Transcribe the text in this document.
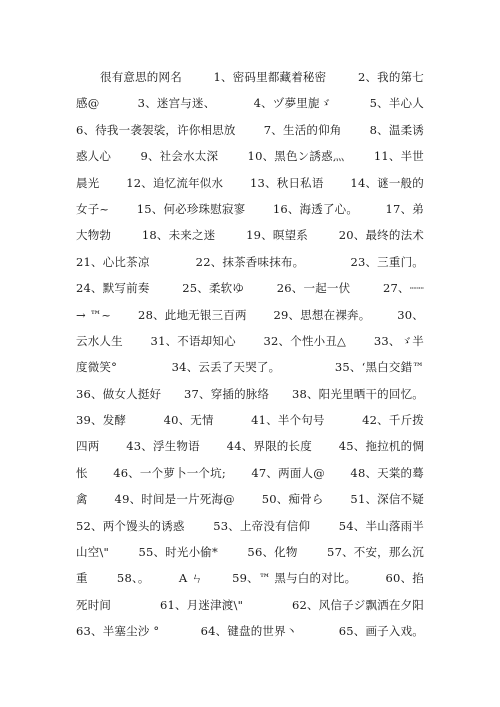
很有意思的网名	1、密码里都藏着秘密	2、我的第七
感@	3、迷宫与迷、	4、ヅ夢里旎ゞ	5、半心人
6、待我一袭袈裟，许你相思放 7、生活的仰角 8、温柔诱
惑人心	9、社会水太深	10、黑色ン誘惑灬	11、半世
晨光 12、追忆流年似水 13、秋日私语 14、谜一般的
女子~ 15、何必珍珠慰寂寥 16、海透了心。 17、弟
大物勃	18、未来之迷	19、暝望系	20、最终的法术
21、心比茶凉	22、抹茶香味抹布。	23、三重门。
24、默写前奏	25、柔软ゆ	26、一起一伏	27、┈┈
→ ™~ 28、此地无银三百两 29、思想在裸奔。 30、
云水人生 31、不语却知心 32、个性小丑△ 33、ゞ半
度微笑°	34、云丢了天哭了。	35、‘黑白交錯™
36、做女人挺好 37、穿插的脉络 38、阳光里晒干的回忆。
39、发酵	40、无情	41、半个句号	42、千斤拨
四两 43、浮生物语 44、界限的长度 45、拖拉机的惆
怅 46、一个萝卜一个坑; 47、两面人@ 48、天棠的蓦
禽 49、时间是一片死海@ 50、痴骨ら 51、深信不疑
52、两个馒头的诱惑 53、上帝没有信仰 54、半山落雨半
山空\"	55、时光小偷*	56、化物	57、不安，那么沉
重	58、。	A ㄣ	59、™ 黑与白的对比。	60、掐
死时间	61、月迷津渡\"	62、风信子ジ飘洒在夕阳
63、半塞尘沙 °	64、键盘的世界丶	65、画子入戏。
